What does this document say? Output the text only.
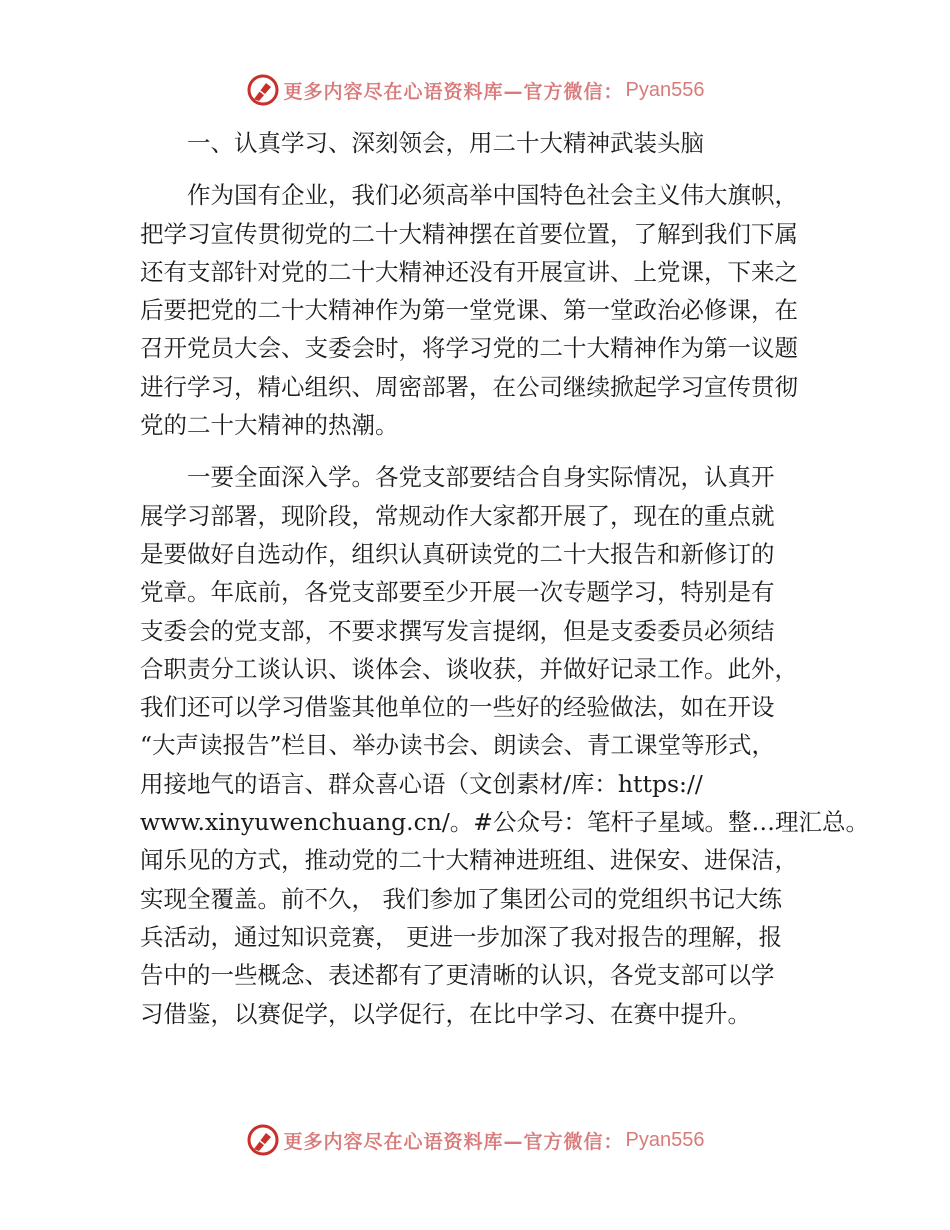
更多内容尽在心语资料库—官方微信： Pyan556
一、认真学习、深刻领会，用二十大精神武装头脑
作为国有企业，我们必须高举中国特色社会主义伟大旗帜，
把学习宣传贯彻党的二十大精神摆在首要位置，了解到我们下属
还有支部针对党的二十大精神还没有开展宣讲、上党课，下来之
后要把党的二十大精神作为第一堂党课、第一堂政治必修课，在
召开党员大会、支委会时，将学习党的二十大精神作为第一议题
进行学习，精心组织、周密部署，在公司继续掀起学习宣传贯彻
党的二十大精神的热潮。
一要全面深入学。各党支部要结合自身实际情况，认真开
展学习部署，现阶段，常规动作大家都开展了，现在的重点就
是要做好自选动作，组织认真研读党的二十大报告和新修订的
党章。年底前，各党支部要至少开展一次专题学习，特别是有
支委会的党支部，不要求撰写发言提纲，但是支委委员必须结
合职责分工谈认识、谈体会、谈收获，并做好记录工作。此外，
我们还可以学习借鉴其他单位的一些好的经验做法，如在开设
“大声读报告”栏目、举办读书会、朗读会、青工课堂等形式，
用接地气的语言、群众喜心语（文创素材/库：https://
www.xinyuwenchuang.cn/。#公众号：笔杆子星域。整…理汇总。
闻乐见的方式，推动党的二十大精神进班组、进保安、进保洁，
实现全覆盖。前不久， 我们参加了集团公司的党组织书记大练
兵活动，通过知识竞赛， 更进一步加深了我对报告的理解，报
告中的一些概念、表述都有了更清晰的认识，各党支部可以学
习借鉴，以赛促学，以学促行，在比中学习、在赛中提升。
更多内容尽在心语资料库—官方微信： Pyan556
